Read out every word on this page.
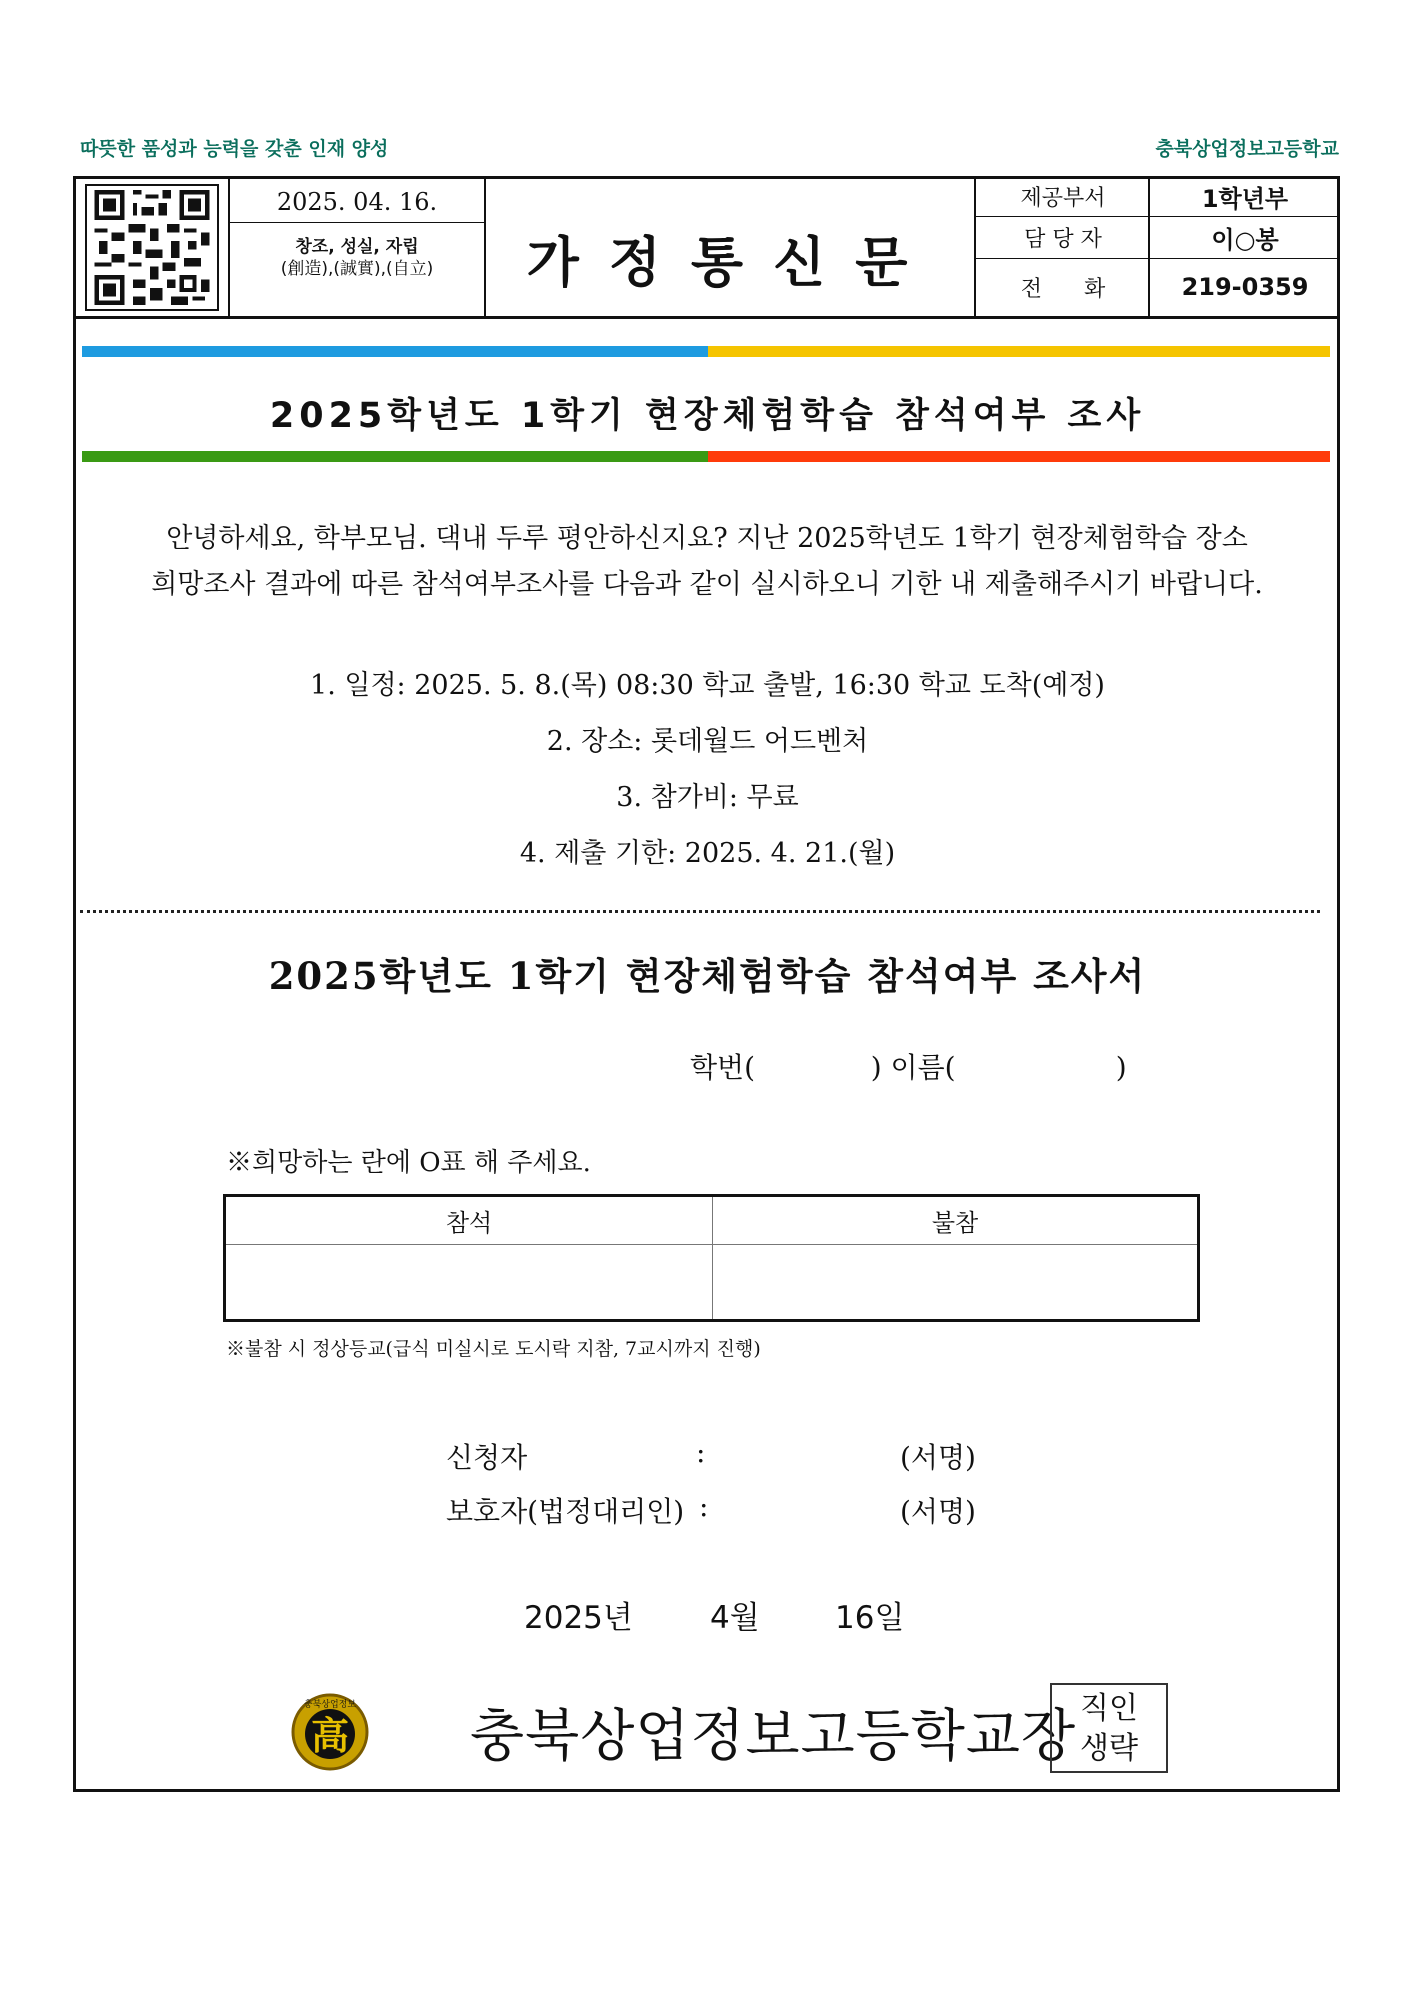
따뜻한 품성과 능력을 갖춘 인재 양성	충북상업정보고등학교
2025. 04. 16.
창조, 성실, 자립
(創造),(誠實),(自立)	가정통신문
제공부서	1학년부
담 당 자	이○봉
전      화	219-0359
2025학년도 1학기 현장체험학습 참석여부 조사
안녕하세요, 학부모님. 댁내 두루 평안하신지요? 지난 2025학년도 1학기 현장체험학습 장소
희망조사 결과에 따른 참석여부조사를 다음과 같이 실시하오니 기한 내 제출해주시기 바랍니다.
1. 일정: 2025. 5. 8.(목) 08:30 학교 출발, 16:30 학교 도착(예정)
2. 장소: 롯데월드 어드벤처
3. 참가비: 무료
4. 제출 기한: 2025. 4. 21.(월)
2025학년도 1학기 현장체험학습 참석여부 조사서
학번(             ) 이름(                  )
※희망하는 란에 O표 해 주세요.
참석	불참
※불참 시 정상등교(급식 미실시로 도시락 지참, 7교시까지 진행)
신청자	:	(서명)
보호자(법정대리인) :	(서명)
2025년 4월 16일
충북상업정보
高 충북상업정보고등학교장 직인
생략
